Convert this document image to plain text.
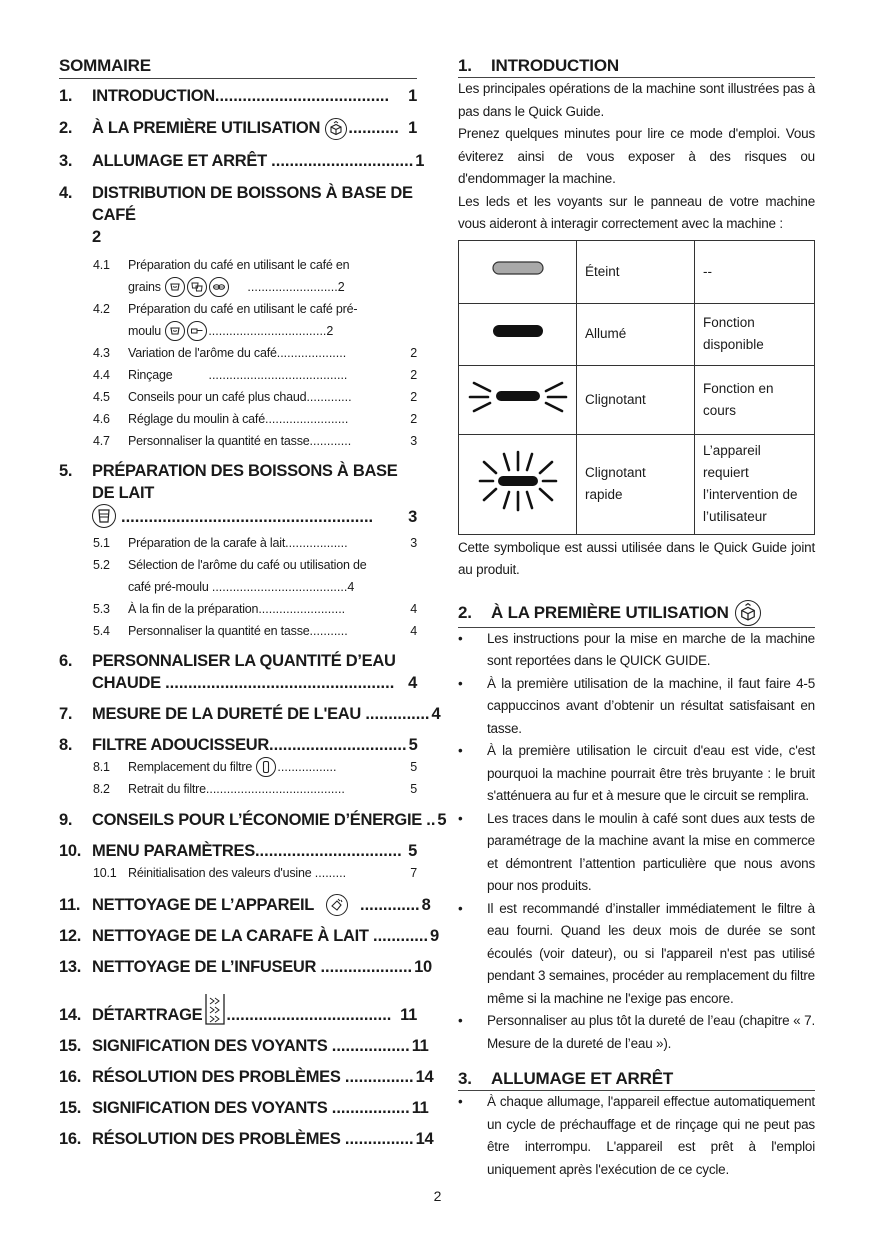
SOMMAIRE
1.	INTRODUCTION......................................	1
2.	À LA PREMIÈRE UTILISATION ........... 1
3.	ALLUMAGE ET ARRÊT ............................... 1
4.	DISTRIBUTION DE BOISSONS À BASE DE CAFÉ
2
4.1	Préparation du café en utilisant le café en
grains	..........................2
4.2	Préparation du café en utilisant le café pré-
moulu	..................................2
4.3	Variation de l'arôme du café....................	2
4.4	Rinçage	........................................	2
4.5	Conseils pour un café plus chaud.............	2
4.6	Réglage du moulin à café........................	2
4.7	Personnaliser la quantité en tasse............	3
5.	PRÉPARATION DES BOISSONS À BASE DE LAIT

.......................................................	3
5.1	Préparation de la carafe à lait..................	3
5.2	Sélection de l'arôme du café ou utilisation de
café pré-moulu .......................................4
5.3	À la fin de la préparation.........................	4
5.4	Personnaliser la quantité en tasse...........	4
6.	PERSONNALISER LA QUANTITÉ D’EAU
CHAUDE .................................................. 4
7.	MESURE DE LA DURETÉ DE L'EAU .............. 4
8.	FILTRE ADOUCISSEUR.............................. 5
8.1	Remplacement du filtre .................	5
8.2	Retrait du filtre........................................	5
9.	CONSEILS POUR L’ÉCONOMIE D’ÉNERGIE .. 5
10. MENU PARAMÈTRES................................ 5
10.1 Réinitialisation des valeurs d'usine .........	7
11. NETTOYAGE DE L’APPAREIL	............. 8
12. NETTOYAGE DE LA CARAFE À LAIT ............ 9
13. NETTOYAGE DE L’INFUSEUR .................... 10
14. DÉTARTRAGE .................................... 11
15. SIGNIFICATION DES VOYANTS ................. 11
16. RÉSOLUTION DES PROBLÈMES ............... 14
15. SIGNIFICATION DES VOYANTS ................. 11
16. RÉSOLUTION DES PROBLÈMES ............... 14
1.	INTRODUCTION

Les principales opérations de la machine sont illustrées pas à pas dans le Quick Guide.

Prenez quelques minutes pour lire ce mode d'emploi. Vous éviterez ainsi de vous exposer à des risques ou d'endommager la machine.

Les leds et les voyants sur le panneau de votre machine vous aideront à interagir correctement avec la machine :

	Éteint	--
	Allumé	Fonction disponible
	Clignotant	Fonction en cours
	Clignotant rapide	L’appareil requiert l’intervention de l’utilisateur

Cette symbolique est aussi utilisée dans le Quick Guide joint au produit.

2.	À LA PREMIÈRE UTILISATION
• Les instructions pour la mise en marche de la machine sont reportées dans le QUICK GUIDE.
• À la première utilisation de la machine, il faut faire 4-5 cappuccinos avant d’obtenir un résultat satisfaisant en tasse.
• À la première utilisation le circuit d'eau est vide, c'est pourquoi la machine pourrait être très bruyante : le bruit s'atténuera au fur et à mesure que le circuit se remplira.
• Les traces dans le moulin à café sont dues aux tests de paramétrage de la machine avant la mise en commerce et démontrent l’attention particulière que nous avons pour nos produits.
• Il est recommandé d’installer immédiatement le filtre à eau fourni. Quand les deux mois de durée se sont écoulés (voir dateur), ou si l'appareil n'est pas utilisé pendant 3 semaines, procéder au remplacement du filtre même si la machine ne l'exige pas encore.
• Personnaliser au plus tôt la dureté de l’eau (chapitre « 7. Mesure de la dureté de l’eau »).
3.	ALLUMAGE ET ARRÊT
• À chaque allumage, l'appareil effectue automatiquement un cycle de préchauffage et de rinçage qui ne peut pas être interrompu. L'appareil est prêt à l'emploi uniquement après l'exécution de ce cycle.
2
